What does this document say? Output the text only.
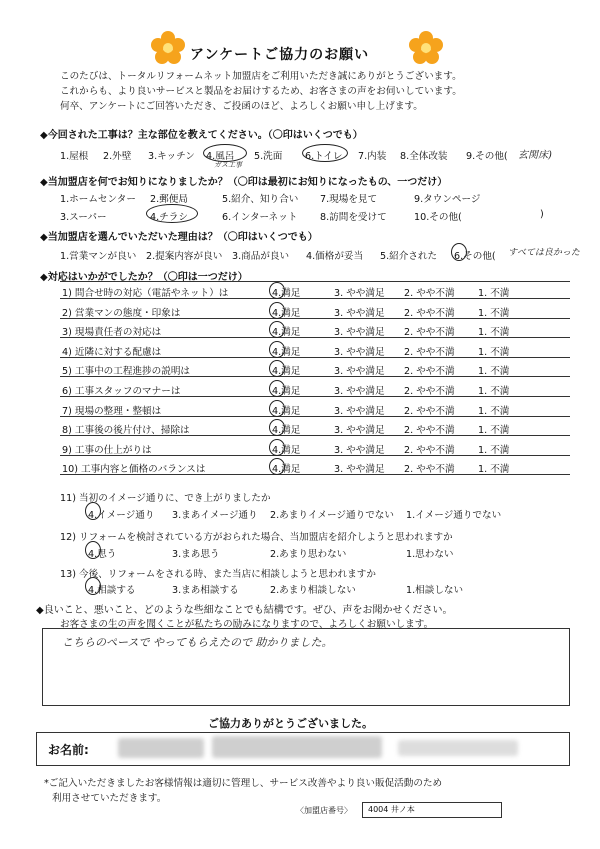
アンケートご協力のお願い
このたびは、トータルリフォームネット加盟店をご利用いただき誠にありがとうございます。
これからも、より良いサービスと製品をお届けするため、お客さまの声をお伺いしています。
何卒、アンケートにご回答いただき、ご投函のほど、よろしくお願い申し上げます。
◆今回された工事は？主な部位を教えてください。（〇印はいくつでも）
1.屋根 2.外壁 3.キッチン 4.風呂
ガス工事
5.洗面 6.トイレ 7.内装 8.全体改装 9.その他( 玄関床)
◆当加盟店を何でお知りになりましたか？（〇印は最初にお知りになったもの、一つだけ）
1.ホームセンター 2.郵便局	5.紹介、知り合い 7.現場を見て	9.タウンページ
3.スーパー	4.チラシ	6.インターネット 8.訪問を受けて	10.その他(	)
◆当加盟店を選んでいただいた理由は？（〇印はいくつでも）
1.営業マンが良い 2.提案内容が良い 3.商品が良い 4.価格が妥当 5.紹介された 6.その他( すべては良かった
◆対応はいかがでしたか？（〇印は一つだけ）
1) 問合せ時の対応（電話やネット）は	4.満足	3. やや満足 2. やや不満 1. 不満
2) 営業マンの態度・印象は	4.満足	3. やや満足 2. やや不満 1. 不満
3) 現場責任者の対応は	4.満足	3. やや満足 2. やや不満 1. 不満
4) 近隣に対する配慮は	4.満足	3. やや満足 2. やや不満 1. 不満
5) 工事中の工程進捗の説明は	4.満足	3. やや満足 2. やや不満 1. 不満
6) 工事スタッフのマナーは	4.満足	3. やや満足 2. やや不満 1. 不満
7) 現場の整理・整頓は	4.満足	3. やや満足 2. やや不満 1. 不満
8) 工事後の後片付け、掃除は	4.満足	3. やや満足 2. やや不満 1. 不満
9) 工事の仕上がりは	4.満足	3. やや満足 2. やや不満 1. 不満
10) 工事内容と価格のバランスは	4.満足	3. やや満足 2. やや不満 1. 不満
11) 当初のイメージ通りに、でき上がりましたか
4.イメージ通り 3.まあイメージ通り 2.あまりイメージ通りでない 1.イメージ通りでない
12) リフォームを検討されている方がおられた場合、当加盟店を紹介しようと思われますか
4.思う	3.まあ思う	2.あまり思わない	1.思わない
13) 今後、リフォームをされる時、また当店に相談しようと思われますか
4.相談する	3.まあ相談する	2.あまり相談しない	1.相談しない
◆良いこと、悪いこと、どのような些細なことでも結構です。ぜひ、声をお聞かせください。
お客さまの生の声を聞くことが私たちの励みになりますので、よろしくお願いします。
こちらのペースで やってもらえたので 助かりました。
ご協力ありがとうございました。
お名前:
*ご記入いただきましたお客様情報は適切に管理し、サービス改善やより良い販促活動のため
利用させていただきます。
〈加盟店番号〉 4004 井ノ本
